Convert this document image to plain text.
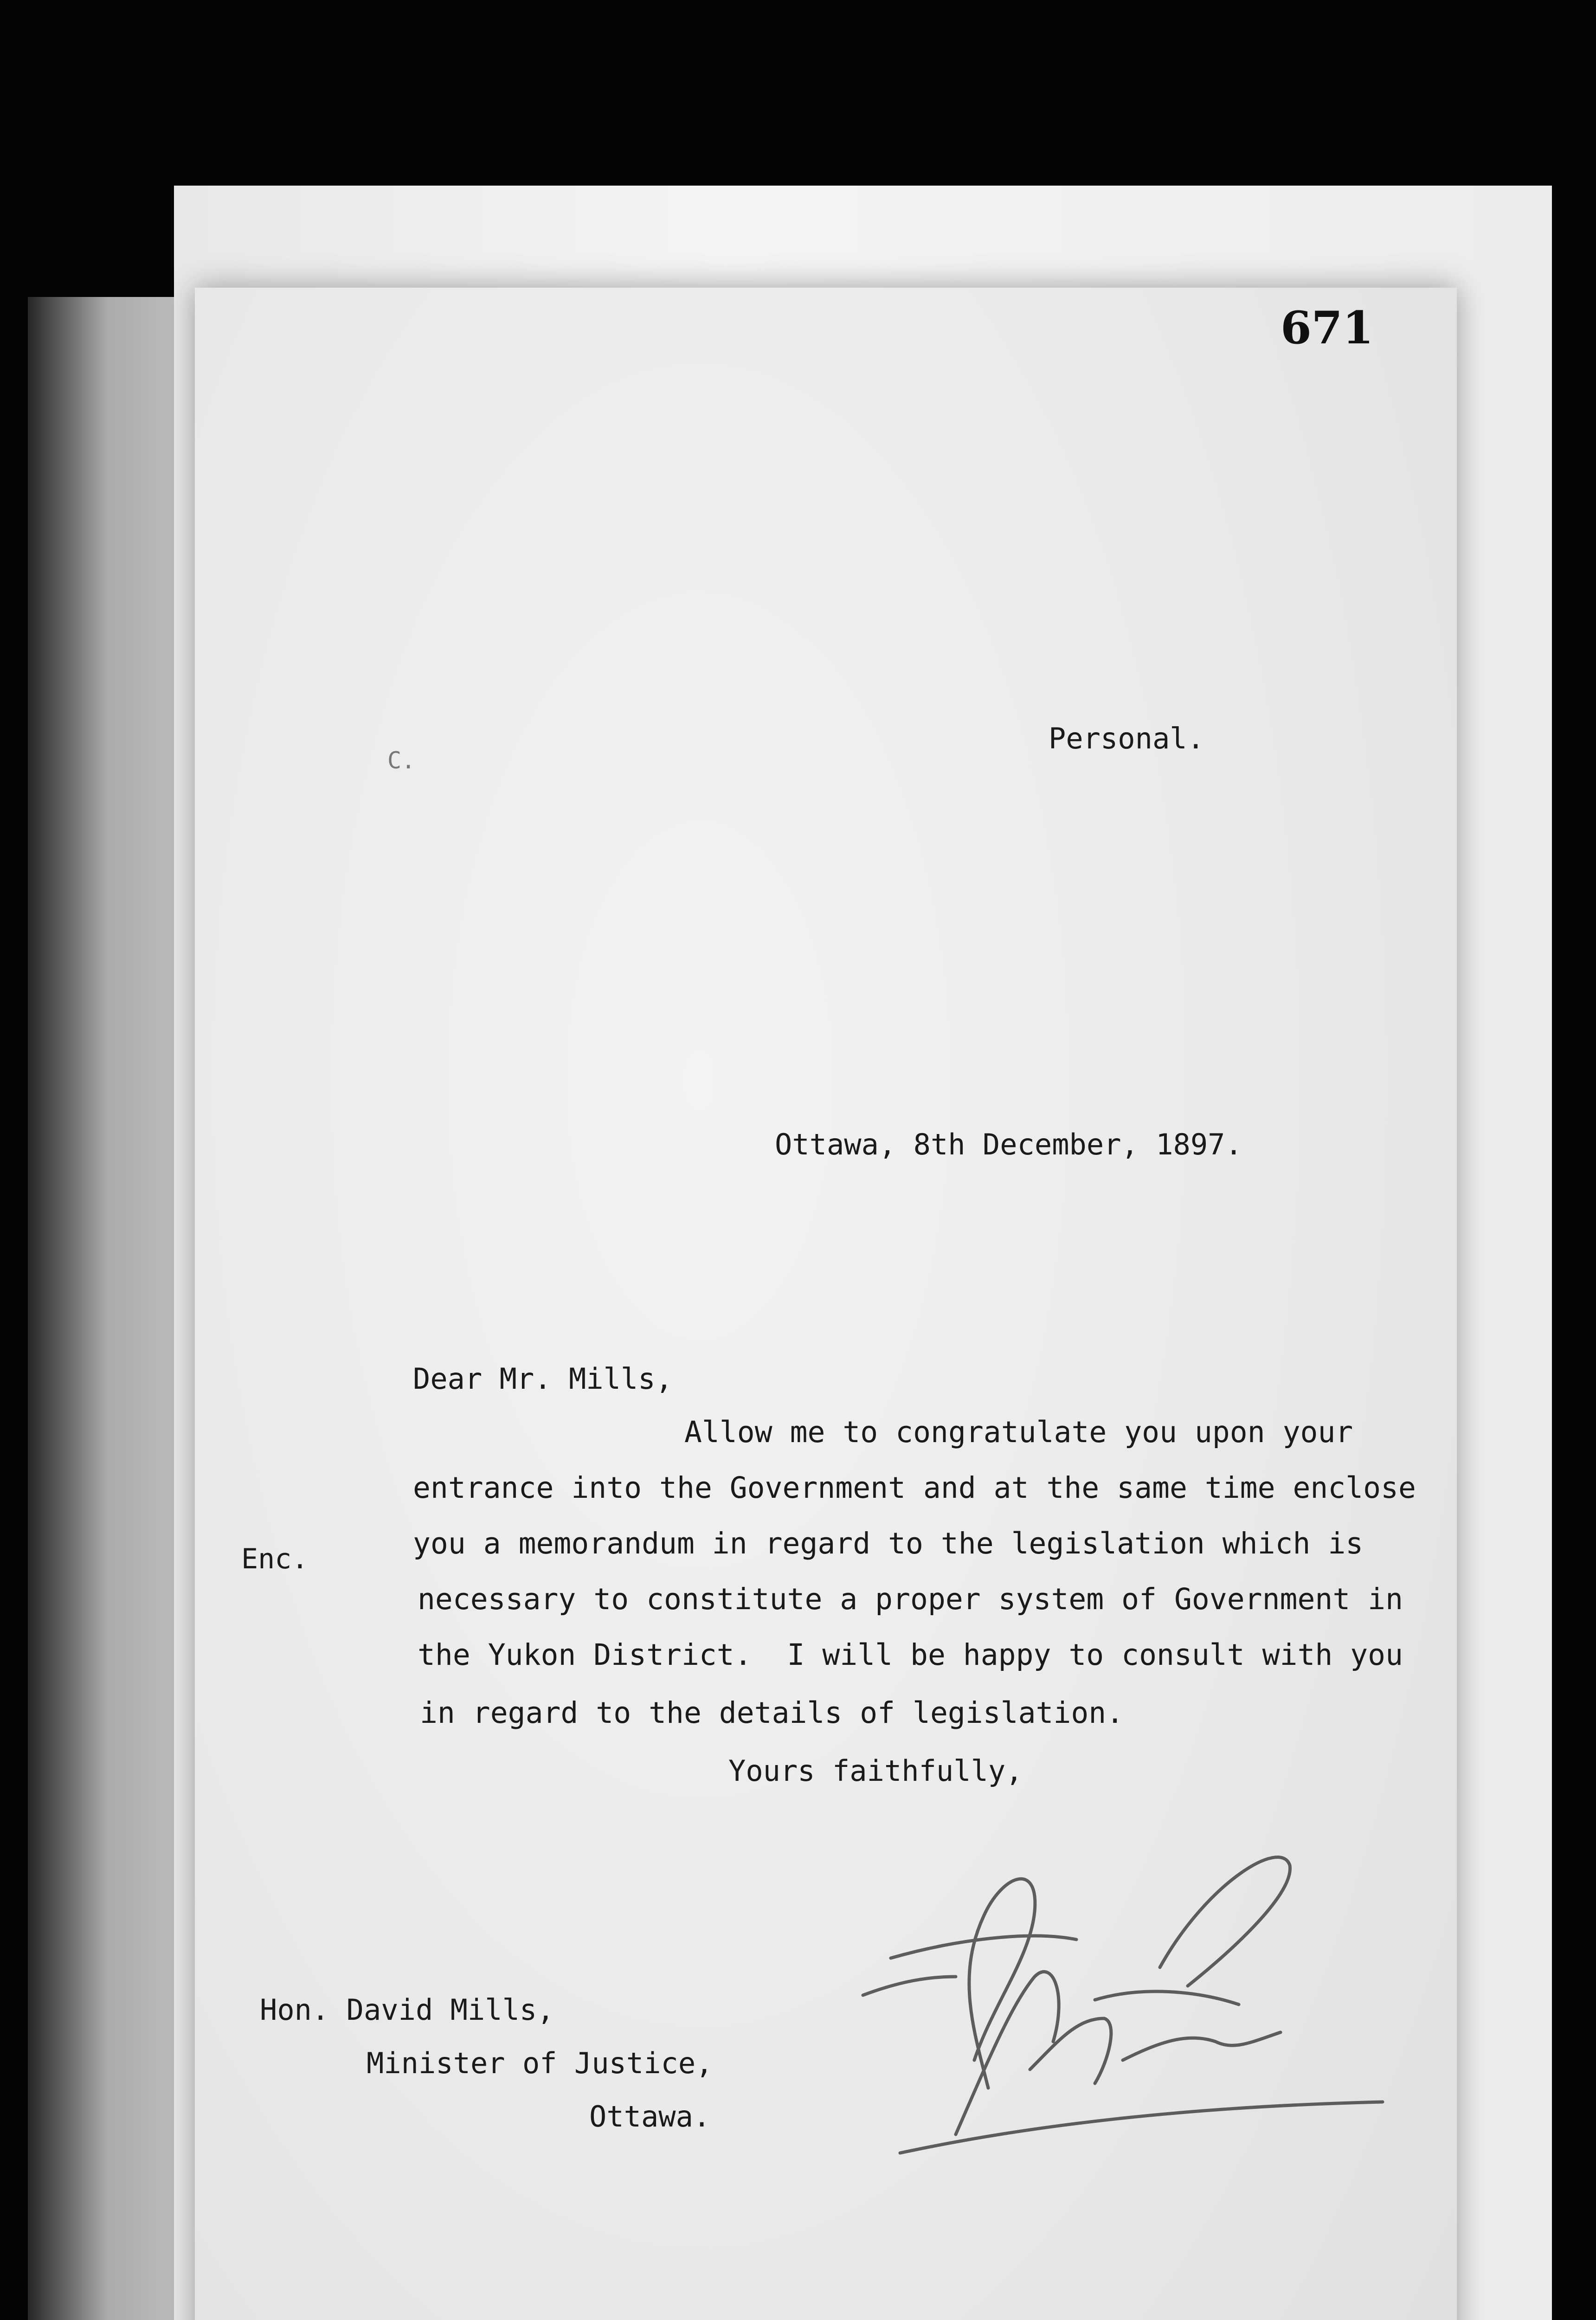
671
C.
Personal.
Ottawa, 8th December, 1897.
Dear Mr. Mills,
Enc.
Allow me to congratulate you upon your
entrance into the Government and at the same time enclose
you a memorandum in regard to the legislation which is
necessary to constitute a proper system of Government in
the Yukon District.  I will be happy to consult with you
in regard to the details of legislation.
Yours faithfully,
Hon. David Mills,
Minister of Justice,
Ottawa.
